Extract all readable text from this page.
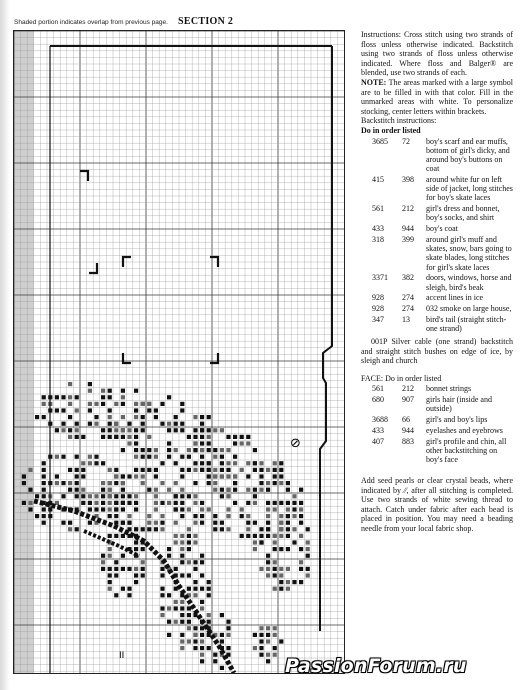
Shaded portion indicates overlap from previous page. SECTION 2
⊘
II

Instructions: Cross stitch using two strands of floss unless otherwise indicated. Backstitch using two strands of floss unless otherwise indicated. Where floss and Balger® are blended, use two strands of each.

NOTE: The areas marked with a large symbol are to be filled in with that color. Fill in the unmarked areas with white. To personalize stocking, center letters within brackets.

Backstitch instructions:

Do in order listed

3685	72	boy's scarf and ear muffs, bottom of girl's dicky, and around boy's buttons on coat
415	398	around white fur on left side of jacket, long stitches for boy's skate laces
561	212	girl's dress and bonnet, boy's socks, and shirt
433	944	boy's coat
318	399	around girl's muff and skates, snow, bars going to skate blades, long stitches for girl's skate laces
3371	382	doors, windows, horse and sleigh, bird's beak
928	274	accent lines in ice
928	274	032 smoke on large house,
347	13	bird's tail (straight stitch-one strand)

001P Silver cable (one strand) backstitch and straight stitch bushes on edge of ice, by sleigh and church

FACE: Do in order listed

561	212	bonnet strings
680	907	girls hair (inside and outside)
3688	66	girl's and boy's lips
433	944	eyelashes and eyebrows
407	883	girl's profile and chin, all other backstitching on boy's face

Add seed pearls or clear crystal beads, where indicated by ⁄⁄, after all stitching is completed. Use two strands of white sewing thread to attach. Catch under fabric after each bead is placed in position. You may need a beading needle from your local fabric shop.

PassionForum.ru
